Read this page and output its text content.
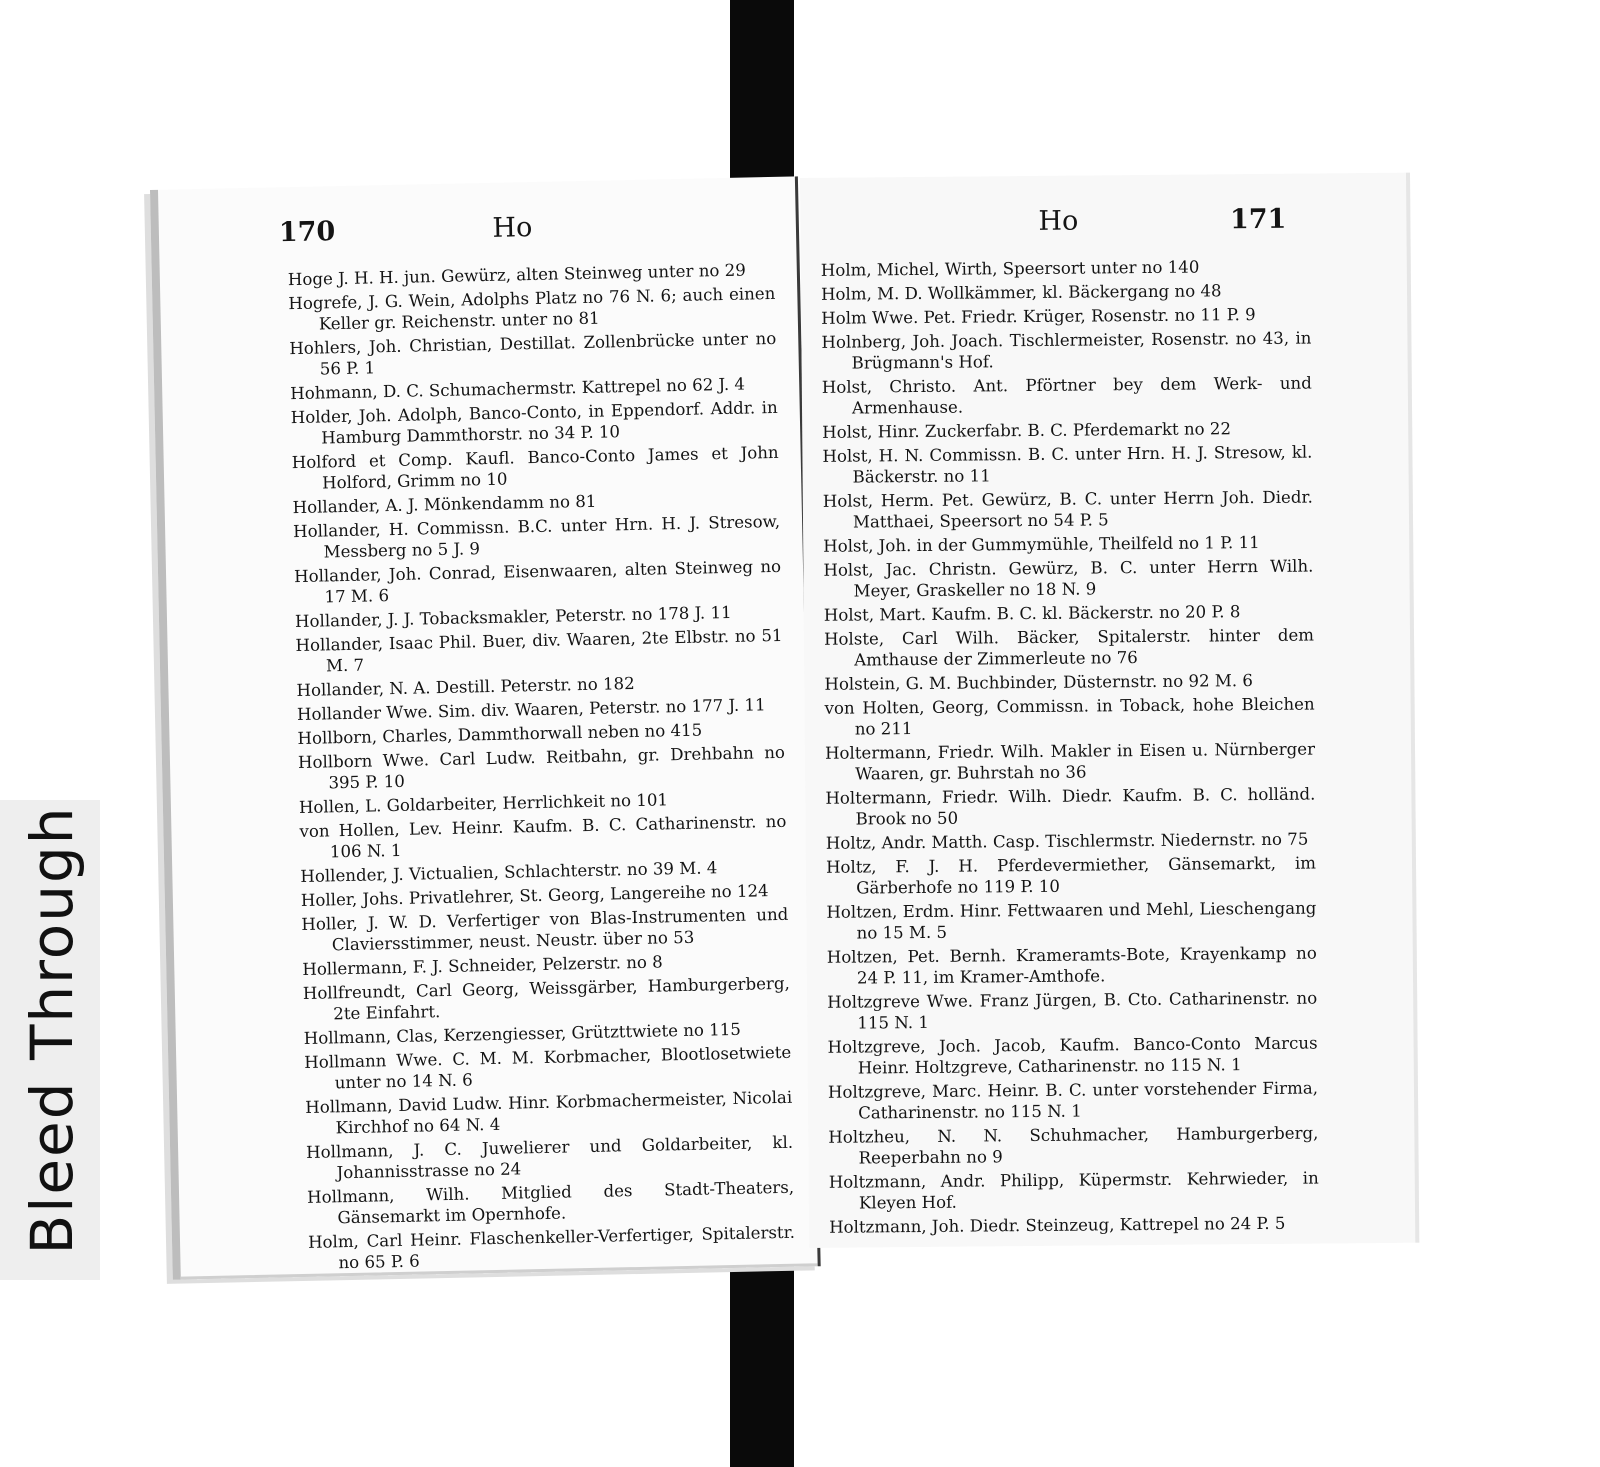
Bleed Through
170	Ho
Hoge J. H. H. jun. Gewürz, alten Steinweg unter no 29
Hogrefe, J. G. Wein, Adolphs Platz no 76 N. 6; auch einen Keller gr. Reichenstr. unter no 81
Hohlers, Joh. Christian, Destillat. Zollenbrücke unter no 56 P. 1
Hohmann, D. C. Schumachermstr. Kattrepel no 62 J. 4
Holder, Joh. Adolph, Banco-Conto, in Eppendorf. Addr. in Hamburg Dammthorstr. no 34 P. 10
Holford et Comp. Kaufl. Banco-Conto James et John Holford, Grimm no 10
Hollander, A. J. Mönkendamm no 81
Hollander, H. Commissn. B.C. unter Hrn. H. J. Stresow, Messberg no 5 J. 9
Hollander, Joh. Conrad, Eisenwaaren, alten Steinweg no 17 M. 6
Hollander, J. J. Tobacksmakler, Peterstr. no 178 J. 11
Hollander, Isaac Phil. Buer, div. Waaren, 2te Elbstr. no 51 M. 7
Hollander, N. A. Destill. Peterstr. no 182
Hollander Wwe. Sim. div. Waaren, Peterstr. no 177 J. 11
Hollborn, Charles, Dammthorwall neben no 415
Hollborn Wwe. Carl Ludw. Reitbahn, gr. Drehbahn no 395 P. 10
Hollen, L. Goldarbeiter, Herrlichkeit no 101
von Hollen, Lev. Heinr. Kaufm. B. C. Catharinenstr. no 106 N. 1
Hollender, J. Victualien, Schlachterstr. no 39 M. 4
Holler, Johs. Privatlehrer, St. Georg, Langereihe no 124
Holler, J. W. D. Verfertiger von Blas-Instrumenten und Claviersstimmer, neust. Neustr. über no 53
Hollermann, F. J. Schneider, Pelzerstr. no 8
Hollfreundt, Carl Georg, Weissgärber, Hamburgerberg, 2te Einfahrt.
Hollmann, Clas, Kerzengiesser, Grützttwiete no 115
Hollmann Wwe. C. M. M. Korbmacher, Blootlosetwiete unter no 14 N. 6
Hollmann, David Ludw. Hinr. Korbmachermeister, Nicolai Kirchhof no 64 N. 4
Hollmann, J. C. Juwelierer und Goldarbeiter, kl. Johannisstrasse no 24
Hollmann, Wilh. Mitglied des Stadt-Theaters, Gänsemarkt im Opernhofe.
Holm, Carl Heinr. Flaschenkeller-Verfertiger, Spitalerstr. no 65 P. 6
Ho	171
Holm, Michel, Wirth, Speersort unter no 140
Holm, M. D. Wollkämmer, kl. Bäckergang no 48
Holm Wwe. Pet. Friedr. Krüger, Rosenstr. no 11 P. 9
Holnberg, Joh. Joach. Tischlermeister, Rosenstr. no 43, in Brügmann's Hof.
Holst, Christo. Ant. Pförtner bey dem Werk- und Armenhause.
Holst, Hinr. Zuckerfabr. B. C. Pferdemarkt no 22
Holst, H. N. Commissn. B. C. unter Hrn. H. J. Stresow, kl. Bäckerstr. no 11
Holst, Herm. Pet. Gewürz, B. C. unter Herrn Joh. Diedr. Matthaei, Speersort no 54 P. 5
Holst, Joh. in der Gummymühle, Theilfeld no 1 P. 11
Holst, Jac. Christn. Gewürz, B. C. unter Herrn Wilh. Meyer, Graskeller no 18 N. 9
Holst, Mart. Kaufm. B. C. kl. Bäckerstr. no 20 P. 8
Holste, Carl Wilh. Bäcker, Spitalerstr. hinter dem Amthause der Zimmerleute no 76
Holstein, G. M. Buchbinder, Düsternstr. no 92 M. 6
von Holten, Georg, Commissn. in Toback, hohe Bleichen no 211
Holtermann, Friedr. Wilh. Makler in Eisen u. Nürnberger Waaren, gr. Buhrstah no 36
Holtermann, Friedr. Wilh. Diedr. Kaufm. B. C. holländ. Brook no 50
Holtz, Andr. Matth. Casp. Tischlermstr. Niedernstr. no 75
Holtz, F. J. H. Pferdevermiether, Gänsemarkt, im Gärberhofe no 119 P. 10
Holtzen, Erdm. Hinr. Fettwaaren und Mehl, Lieschengang no 15 M. 5
Holtzen, Pet. Bernh. Krameramts-Bote, Krayenkamp no 24 P. 11, im Kramer-Amthofe.
Holtzgreve Wwe. Franz Jürgen, B. Cto. Catharinenstr. no 115 N. 1
Holtzgreve, Joch. Jacob, Kaufm. Banco-Conto Marcus Heinr. Holtzgreve, Catharinenstr. no 115 N. 1
Holtzgreve, Marc. Heinr. B. C. unter vorstehender Firma, Catharinenstr. no 115 N. 1
Holtzheu, N. N. Schuhmacher, Hamburgerberg, Reeperbahn no 9
Holtzmann, Andr. Philipp, Küpermstr. Kehrwieder, in Kleyen Hof.
Holtzmann, Joh. Diedr. Steinzeug, Kattrepel no 24 P. 5
